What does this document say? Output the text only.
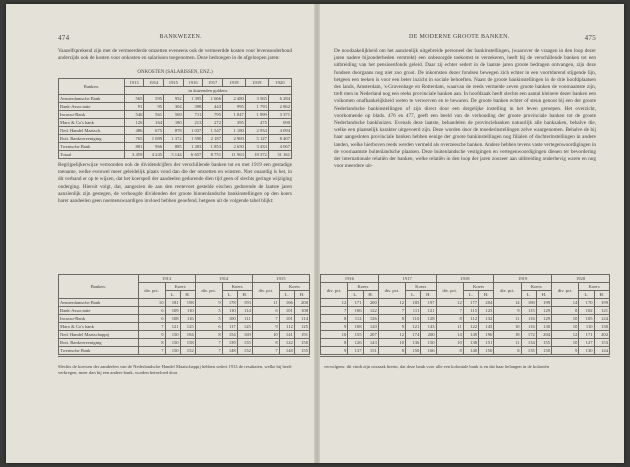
474	BANKWEZEN.

Vaazelfsprekend zijn met de vermeerderde omzetten eveneens ook de vermeerdde kosten voor levensonderhoud anderzijds ook de kosten voor onkosten en salarissen toegenomen. Deze bedroegen in de afgeloopen jaren:

ONKOSTEN (SALARISSEN, ENZ.)
Banken.	1913	1914	1915	1916	1917	1918	1919	1920
	in duizenden guldens							
Amsterdamsche Bank	565	595	952	1 395	1 666	2 480	3 565	6 284
Bank-Associatie	91	95	304	398	443	995	1 793	2 862
Incasso-Bank	546	561	569	711	795	1 047	1 999	3 371
Marx & Co's bank	126	164	180	213	272	395	475	690
Ned. Handel Maatsch.	486	675	878	1 037	1 547	1 180	2 934	4 094
Rott. Bankvereeniging	765	1 089	1 372	1 590	2 187	2 969	5 127	8 407
Twentsche Bank	881	966	885	1 283	1 853	2 650	3 433	4 067
Totaal	3 459	4 245	5 144	6 657	8 751	11 963	18 372	31 161

Begrijpelijkerwijze vertoonden ook de dividendcijfers der verschillende banken tot en met 1919 een gestadige toename, welke evenwel meer geleidelijk plaats vond dan die der omzetten en winsten. Niet onaardig is het, in dit verband er op te wijzen, dat het koerspeil der aandeelen gedurende dien tijd geen of slechts geringe wijziging onderging. Hieruit volgt, dat, aangezien de aan den rentevoet gestelde eischen gedurende de laatste jaren aanzienlijk zijn gestegen, de verhoogde dividenden der groote binnenlandsche bankinstellingen op den koers harer aandeelen geen noemenswaardigen invloed hebben geoefend, hetgeen uit de volgende tabel blijkt:

Banken.	1913			1914			1915		
	div. pct.	Koers		div. pct.	Koers		div. pct.	Koers	
		L.	H.		L.	H.		L.	H.
Amsterdamsche Bank	10	181	198	9	178	193	11	166	200
Bank-Associatie	6	109	110	5	110	114	6	101	108
Incasso-Bank	6	108	116	5	100	111	7	101	114
Marx & Co's bank	7	121	125	6	117	125	9	112	125
Ned. Handel Maatschappij	9	150	184	8	154	169	10	141	191
Rott. Bankvereeniging	8	150	158	7	139	155	8	122	150
Twentsche Bank	7	150	152	7	148	152	7	148	155

Slechts de koersen der aandeelen van de Nederlandsche Handel Maatschappij hebben sedert 1913 de resultaten, welke bij heeft verkregen, meer dan bij een andere bank, worden beïnvloed door

DE MODERNE GROOTE BANKEN.	475

De noodzakelijkheid om het aanzienlijk uitgebreide personeel der bankinstellingen, (waarover de vraagen in den loop dezer jaren nadere bijzonderheden verstrekt) een onbezorgde toekomst te verzekeren, heeft bij de verschillende banken tot een uitbreiding van het pensioenfonds geleid. Daar zij echter sedert in de laatste jaren groote bedragen ontvangen, zijn deze fondsen doorgaans nog niet zoo groot. De inkomsten dezer fondsen bewegen zich echter in een voortdurend stijgende lijn, hetgeen een teeken is voor een beter inzicht in sociale behoeften. Naast de groote bankinstellingen in de drie hoofdplaatsen des lands, Amsterdam, 's-Gravenhage en Rotterdam, waarvan de reeds vermelde zeven groote banken de voornaamste zijn, treft men in Nederland nog een reeks provinciale banken aan. In hoofdzaak heeft slechts een aantal kleinere dezer banken een volkomen onafhankelijkheid weten te verwerven en te bewaren. De groote banken echter of steun genoot bij een der groote Nederlandsche bankinstellingen of zijn direct door een dergelijke instelling in het leven geroepen. Het overzicht, voorkomende op blads. 476 en 477, geeft een beeld van de verhouding der groote provinciale banken tot de groote Nederlandsche bankhuizen. Evenals deze laatste, behandelen de provinciebanken natuurlijk alle bankzaken, behalve die, welke een plaatselijk karakter uitgevoerd zijn. Deze worden door de moederinstellingen zelve waargenomen. Behalve de bij haar aangesloten provinciale banken hebben eenige der groote bankinstellingen nog filialen of dochterinstellingen in andere landen, welke hierboven reeds werden vermeld als overzeesche banken. Andere hebben tevens vaste vertegenwoordigingen in de voornaamste buitenlandsche plaatsen. Deze buitenlandsche vestigingen en vertegenwoordigingen dienen ter bevordering der internationale relatiën der banken, welke relatiën in den loop der jaren zoozeer aan uitbreiding onderhevig waren en nog voor meerdere uit-

1916			1917			1918			1919			1920		
div. pct.	Koers		div. pct.	Koers		div. pct.	Koers		div. pct.	Koers		div. pct.	Koers	
	L.	H.		L.	H.		L.	H.		L.	H.		L.	H.
12	171	200	12	185	197	12	177	204	14	180	199	14	170	199
7	106	122	7	111	121	7	115	125	9	115	129	8	102	121
8	112	126	8	110	128	8	112	132	11	116	129	10	105	124
9	108	120	9	121	143	11	122	145	10	116	130	10	110	130
10	155	207	12	174	200	14	149	196	18	172	204	12	171	202
8	126	143	10	136	150	10	138	151	11	134	155	10	127	153
9	137	151	8	150	166	8	140	150	8	135	150	9	130	144

vervolgens: dit vindt zijn oorzaak hierin, dat deze bank voor alle een koloniale bank is en dat haar belangen in de koloniën
